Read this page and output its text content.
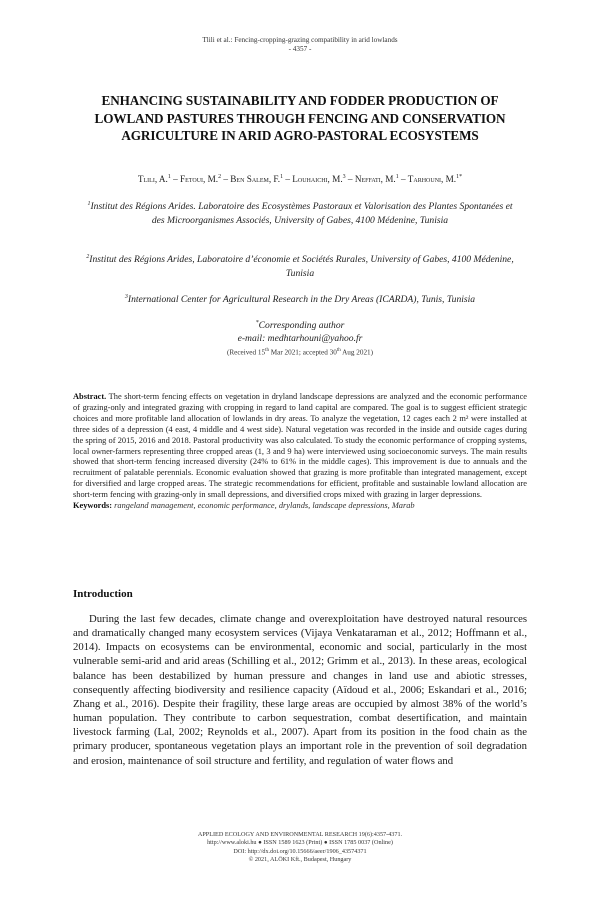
Tlili et al.: Fencing-cropping-grazing compatibility in arid lowlands
- 4357 -
ENHANCING SUSTAINABILITY AND FODDER PRODUCTION OF LOWLAND PASTURES THROUGH FENCING AND CONSERVATION AGRICULTURE IN ARID AGRO-PASTORAL ECOSYSTEMS
Tlili, A.$^1$ – Fetoui, M.$^2$ – Ben Salem, F.$^1$ – Louhaichi, M.$^3$ – Neffati, M.$^1$ – Tarhouni, M.$^{1*}$
$^1$Institut des Régions Arides. Laboratoire des Ecosystèmes Pastoraux et Valorisation des Plantes Spontanées et des Microorganismes Associés, University of Gabes, 4100 Médenine, Tunisia
$^2$Institut des Régions Arides, Laboratoire d’économie et Sociétés Rurales, University of Gabes, 4100 Médenine, Tunisia
$^3$International Center for Agricultural Research in the Dry Areas (ICARDA), Tunis, Tunisia
*Corresponding author
e-mail: medhtarhouni@yahoo.fr
(Received 15th Mar 2021; accepted 30th Aug 2021)
Abstract. The short-term fencing effects on vegetation in dryland landscape depressions are analyzed and the economic performance of grazing-only and integrated grazing with cropping in regard to land capital are compared. The goal is to suggest efficient strategic choices and more profitable land allocation of lowlands in dry areas. To analyze the vegetation, 12 cages each 2 m² were installed at three sides of a depression (4 east, 4 middle and 4 west side). Natural vegetation was recorded in the inside and outside cages during the spring of 2015, 2016 and 2018. Pastoral productivity was also calculated. To study the economic performance of cropping systems, local owner-farmers representing three cropped areas (1, 3 and 9 ha) were interviewed using socioeconomic surveys. The main results showed that short-term fencing increased diversity (24% to 61% in the middle cages). This improvement is due to annuals and the recruitment of palatable perennials. Economic evaluation showed that grazing is more profitable than integrated management, except for diversified and large cropped areas. The strategic recommendations for efficient, profitable and sustainable lowland allocation are short-term fencing with grazing-only in small depressions, and diversified crops mixed with grazing in larger depressions.
Keywords: rangeland management, economic performance, drylands, landscape depressions, Marab
Introduction
During the last few decades, climate change and overexploitation have destroyed natural resources and dramatically changed many ecosystem services (Vijaya Venkataraman et al., 2012; Hoffmann et al., 2014). Impacts on ecosystems can be environmental, economic and social, particularly in the most vulnerable semi-arid and arid areas (Schilling et al., 2012; Grimm et al., 2013). In these areas, ecological balance has been destabilized by human pressure and changes in land use and abiotic stresses, consequently affecting biodiversity and resilience capacity (Aïdoud et al., 2006; Eskandari et al., 2016; Zhang et al., 2016). Despite their fragility, these large areas are occupied by almost 38% of the world’s human population. They contribute to carbon sequestration, combat desertification, and maintain livestock farming (Lal, 2002; Reynolds et al., 2007). Apart from its position in the food chain as the primary producer, spontaneous vegetation plays an important role in the prevention of soil degradation and erosion, maintenance of soil structure and fertility, and regulation of water flows and
APPLIED ECOLOGY AND ENVIRONMENTAL RESEARCH 19(6):4357-4371.
http://www.aloki.hu ● ISSN 1589 1623 (Print) ● ISSN 1785 0037 (Online)
DOI: http://dx.doi.org/10.15666/aeer/1906_43574371
© 2021, ALÖKI Kft., Budapest, Hungary
